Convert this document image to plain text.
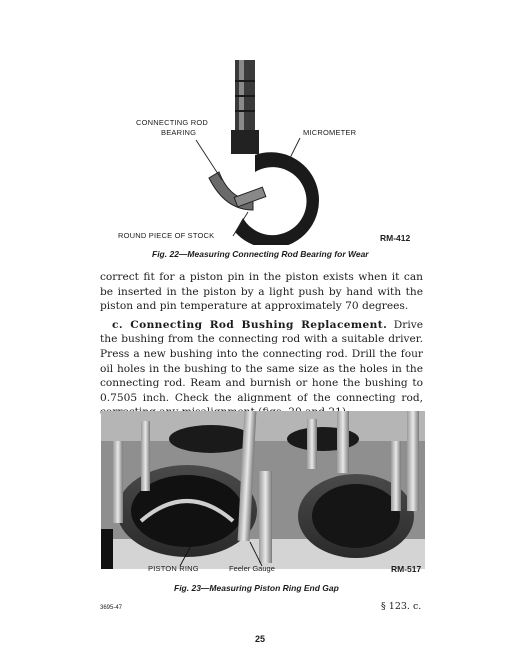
CONNECTING ROD
BEARING	MICROMETER
ROUND PIECE OF STOCK	RM-412
Fig. 22—Measuring Connecting Rod Bearing for Wear

correct fit for a piston pin in the piston exists when it can be inserted in the piston by a light push by hand with the piston and pin temperature at approximately 70 degrees.

c. Connecting Rod Bushing Replacement. Drive the bushing from the connecting rod with a suitable driver. Press a new bushing into the connecting rod. Drill the four oil holes in the bushing to the same size as the holes in the connecting rod. Ream and burnish or hone the bushing to 0.7505 inch. Check the alignment of the connecting rod,

PISTON RING	Feeler Gauge	RM-517
Fig. 23—Measuring Piston Ring End Gap
3695-47	§ 123. c.
25
